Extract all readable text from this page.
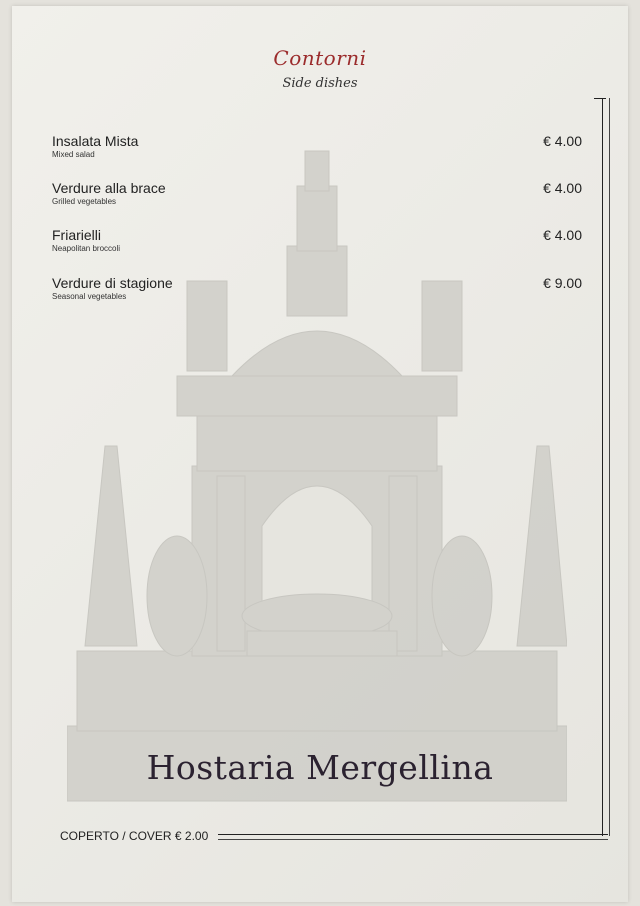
Contorni
Side dishes
Insalata Mista
Mixed salad
€ 4.00
Verdure alla brace
Grilled vegetables
€ 4.00
Friarielli
Neapolitan broccoli
€ 4.00
Verdure di stagione
Seasonal vegetables
€ 9.00
Hostaria Mergellina
COPERTO / COVER € 2.00
